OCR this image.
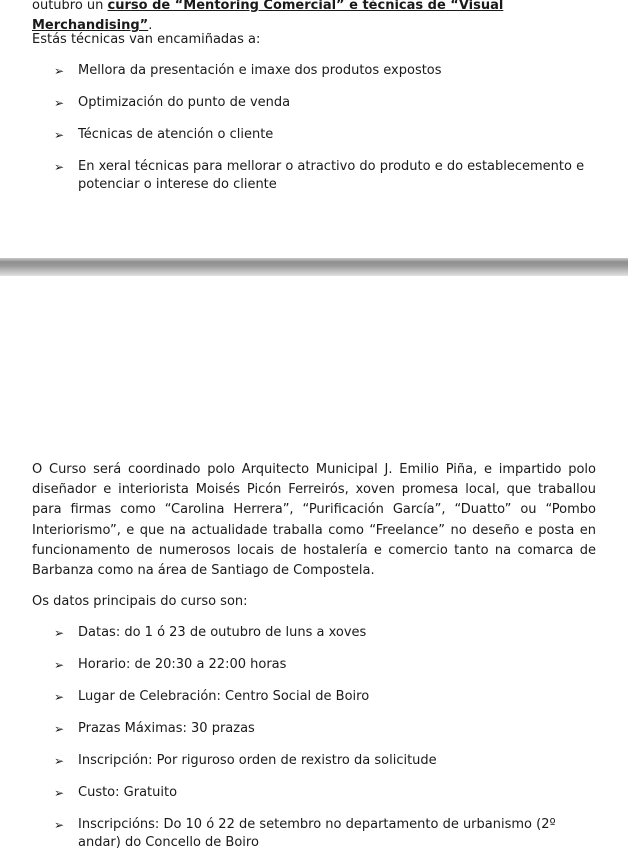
outubro un curso de “Mentoring Comercial” e técnicas de “Visual Merchandising”.

Estás técnicas van encamiñadas a:

➢ Mellora da presentación e imaxe dos produtos expostos
➢ Optimización do punto de venda
➢ Técnicas de atención o cliente
➢ En xeral técnicas para mellorar o atractivo do produto e do establecemento e potenciar o interese do cliente

O Curso será coordinado polo Arquitecto Municipal J. Emilio Piña, e impartido polo diseñador e interiorista Moisés Picón Ferreirós, xoven promesa local, que traballou para firmas como “Carolina Herrera”, “Purificación García”, “Duatto” ou “Pombo Interiorismo”, e que na actualidade traballa como “Freelance” no deseño e posta en funcionamento de numerosos locais de hostalería e comercio tanto na comarca de Barbanza como na área de Santiago de Compostela.

Os datos principais do curso son:

➢ Datas: do 1 ó 23 de outubro de luns a xoves
➢ Horario: de 20:30 a 22:00 horas
➢ Lugar de Celebración: Centro Social de Boiro
➢ Prazas Máximas: 30 prazas
➢ Inscripción: Por riguroso orden de rexistro da solicitude
➢ Custo: Gratuito
➢ Inscripcións: Do 10 ó 22 de setembro no departamento de urbanismo (2º andar) do Concello de Boiro
